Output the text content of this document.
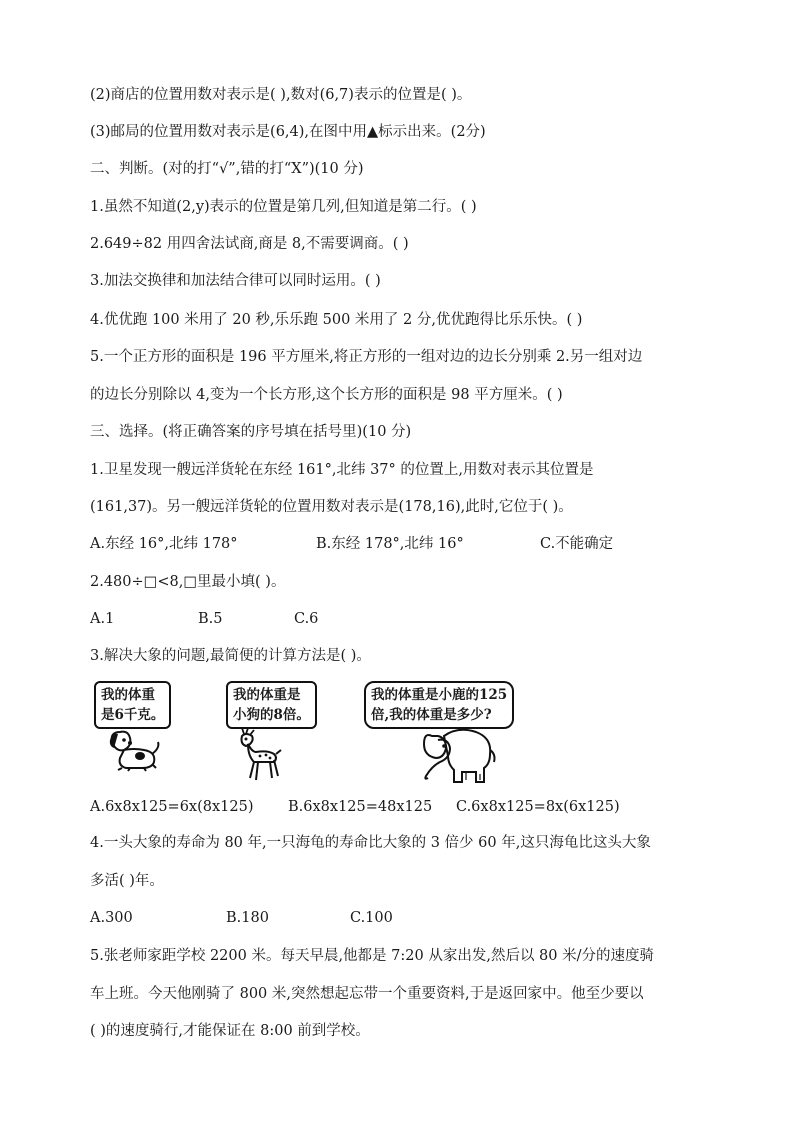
(2)商店的位置用数对表示是( ),数对(6,7)表示的位置是( )。
(3)邮局的位置用数对表示是(6,4),在图中用▲标示出来。(2分)
二、判断。(对的打“√”,错的打“X”)(10 分)
1.虽然不知道(2,y)表示的位置是第几列,但知道是第二行。( )
2.649÷82 用四舍法试商,商是 8,不需要调商。( )
3.加法交换律和加法结合律可以同时运用。( )
4.优优跑 100 米用了 20 秒,乐乐跑 500 米用了 2 分,优优跑得比乐乐快。( )
5.一个正方形的面积是 196 平方厘米,将正方形的一组对边的边长分别乘 2.另一组对边
的边长分别除以 4,变为一个长方形,这个长方形的面积是 98 平方厘米。( )
三、选择。(将正确答案的序号填在括号里)(10 分)
1.卫星发现一艘远洋货轮在东经 161°,北纬 37° 的位置上,用数对表示其位置是
(161,37)。另一艘远洋货轮的位置用数对表示是(178,16),此时,它位于( )。
A.东经 16°,北纬 178°	B.东经 178°,北纬 16°	C.不能确定
2.480÷□<8,□里最小填( )。
A.1	B.5	C.6
3.解决大象的问题,最简便的计算方法是( )。
我的体重
是6千克。
我的体重是
小狗的8倍。
我的体重是小鹿的125
倍,我的体重是多少?
A.6x8x125=6x(8x125) B.6x8x125=48x125 C.6x8x125=8x(6x125)
4.一头大象的寿命为 80 年,一只海龟的寿命比大象的 3 倍少 60 年,这只海龟比这头大象
多活( )年。
A.300	B.180	C.100
5.张老师家距学校 2200 米。每天早晨,他都是 7:20 从家出发,然后以 80 米/分的速度骑
车上班。今天他刚骑了 800 米,突然想起忘带一个重要资料,于是返回家中。他至少要以
( )的速度骑行,才能保证在 8:00 前到学校。
